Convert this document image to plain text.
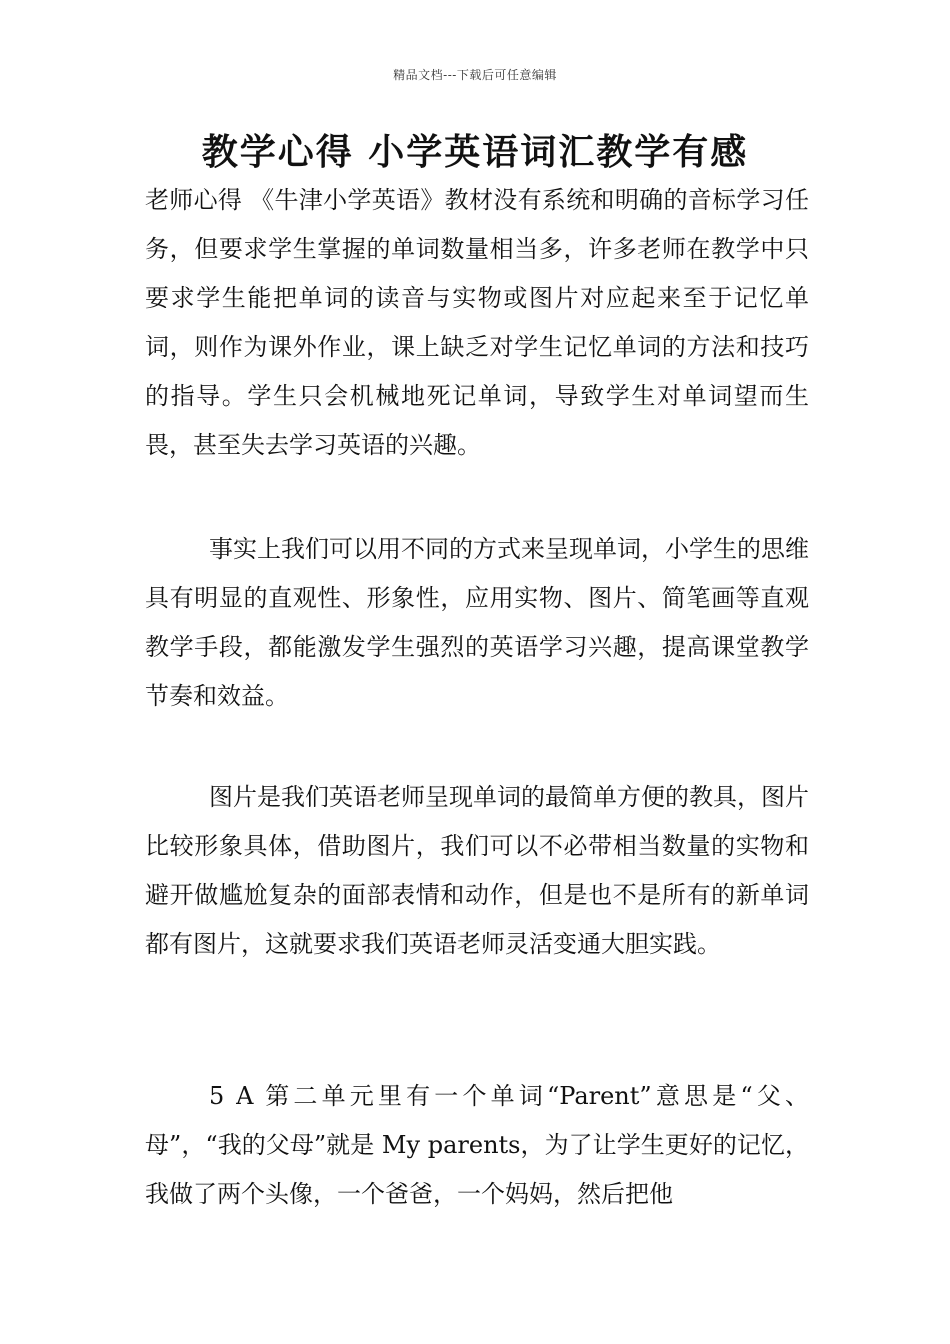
精品文档---下载后可任意编辑
教学心得 小学英语词汇教学有感

老师心得 《牛津小学英语》教材没有系统和明确的音标学习任务，但要求学生掌握的单词数量相当多，许多老师在教学中只要求学生能把单词的读音与实物或图片对应起来至于记忆单词，则作为课外作业，课上缺乏对学生记忆单词的方法和技巧的指导。学生只会机械地死记单词，导致学生对单词望而生畏，甚至失去学习英语的兴趣。

事实上我们可以用不同的方式来呈现单词，小学生的思维具有明显的直观性、形象性，应用实物、图片、简笔画等直观教学手段，都能激发学生强烈的英语学习兴趣，提高课堂教学节奏和效益。

图片是我们英语老师呈现单词的最简单方便的教具，图片比较形象具体，借助图片，我们可以不必带相当数量的实物和避开做尴尬复杂的面部表情和动作，但是也不是所有的新单词都有图片，这就要求我们英语老师灵活变通大胆实践。

5 A 第二单元里有一个单词“Parent”意思是“父、母”，“我的父母”就是 My parents，为了让学生更好的记忆，我做了两个头像，一个爸爸，一个妈妈，然后把他
